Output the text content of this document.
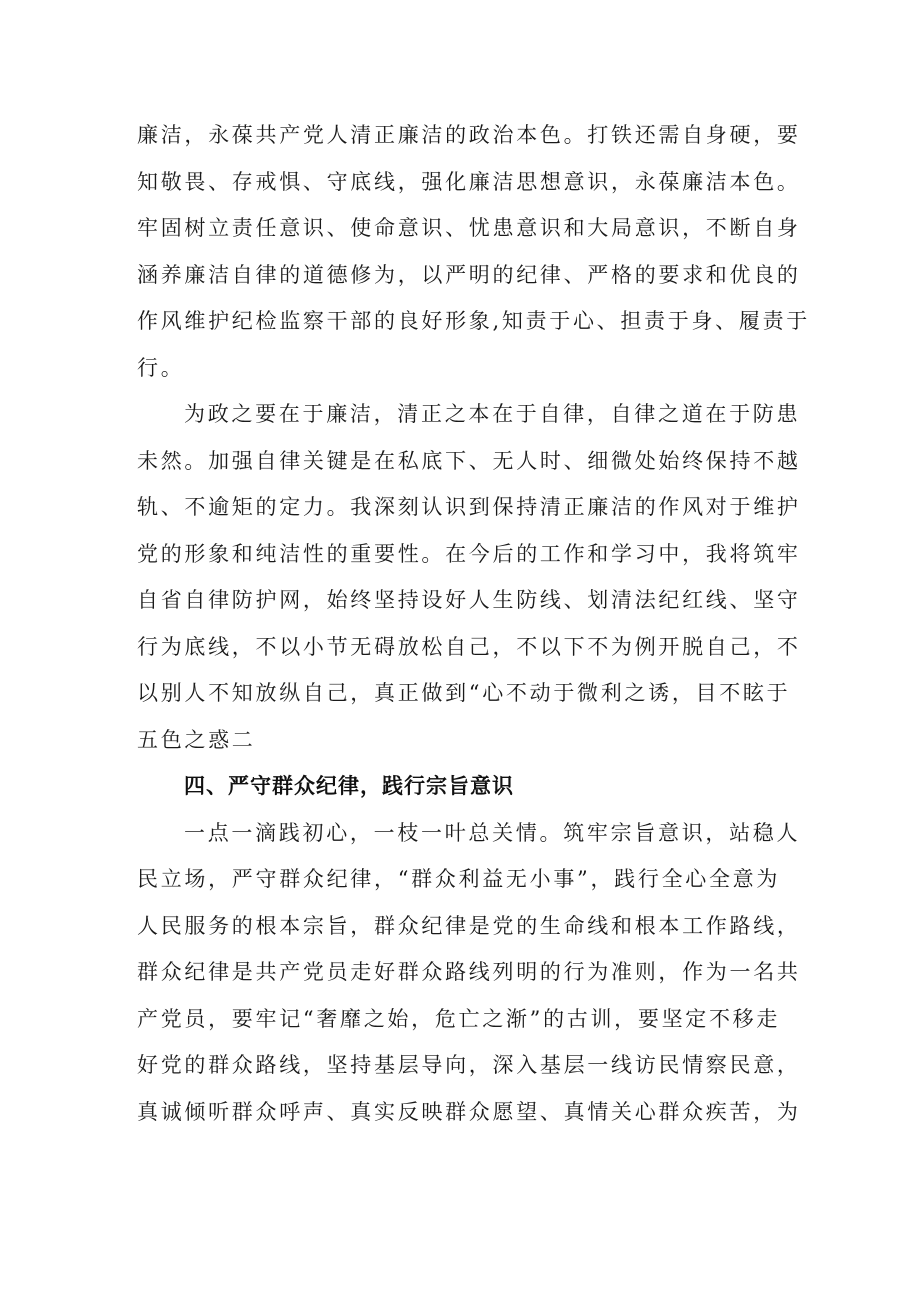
廉洁，永葆共产党人清正廉洁的政治本色。打铁还需自身硬，要
知敬畏、存戒惧、守底线，强化廉洁思想意识，永葆廉洁本色。
牢固树立责任意识、使命意识、忧患意识和大局意识，不断自身
涵养廉洁自律的道德修为，以严明的纪律、严格的要求和优良的
作风维护纪检监察干部的良好形象,知责于心、担责于身、履责于
行。

为政之要在于廉洁，清正之本在于自律，自律之道在于防患
未然。加强自律关键是在私底下、无人时、细微处始终保持不越
轨、不逾矩的定力。我深刻认识到保持清正廉洁的作风对于维护
党的形象和纯洁性的重要性。在今后的工作和学习中，我将筑牢
自省自律防护网，始终坚持设好人生防线、划清法纪红线、坚守
行为底线，不以小节无碍放松自己，不以下不为例开脱自己，不
以别人不知放纵自己，真正做到“心不动于微利之诱，目不眩于
五色之惑二

四、严守群众纪律，践行宗旨意识

一点一滴践初心，一枝一叶总关情。筑牢宗旨意识，站稳人
民立场，严守群众纪律，“群众利益无小事”，践行全心全意为
人民服务的根本宗旨，群众纪律是党的生命线和根本工作路线，
群众纪律是共产党员走好群众路线列明的行为准则，作为一名共
产党员，要牢记“奢靡之始，危亡之渐”的古训，要坚定不移走
好党的群众路线，坚持基层导向，深入基层一线访民情察民意，
真诚倾听群众呼声、真实反映群众愿望、真情关心群众疾苦，为
